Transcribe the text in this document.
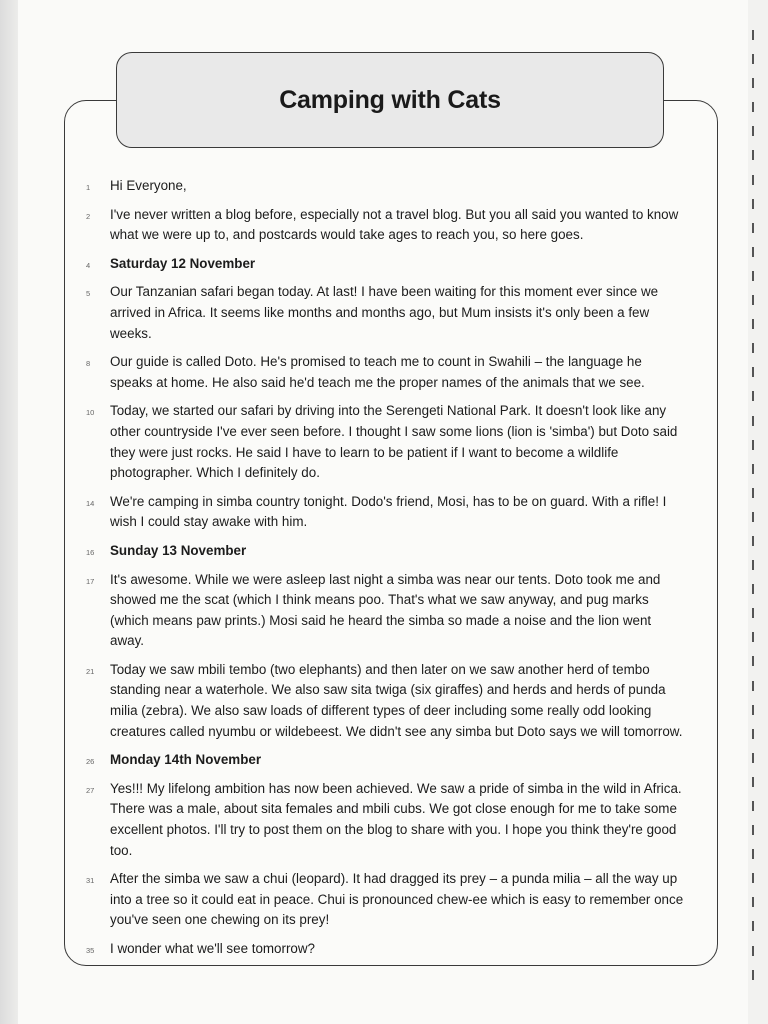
Camping with Cats
1 Hi Everyone,
2 I've never written a blog before, especially not a travel blog. But you all said you wanted to know what we were up to, and postcards would take ages to reach you, so here goes.
4 Saturday 12 November
5 Our Tanzanian safari began today. At last! I have been waiting for this moment ever since we arrived in Africa. It seems like months and months ago, but Mum insists it's only been a few weeks.
8 Our guide is called Doto. He's promised to teach me to count in Swahili – the language he speaks at home. He also said he'd teach me the proper names of the animals that we see.
10 Today, we started our safari by driving into the Serengeti National Park. It doesn't look like any other countryside I've ever seen before. I thought I saw some lions (lion is 'simba') but Doto said they were just rocks. He said I have to learn to be patient if I want to become a wildlife photographer. Which I definitely do.
14 We're camping in simba country tonight. Dodo's friend, Mosi, has to be on guard. With a rifle! I wish I could stay awake with him.
16 Sunday 13 November
17 It's awesome. While we were asleep last night a simba was near our tents. Doto took me and showed me the scat (which I think means poo. That's what we saw anyway, and pug marks (which means paw prints.) Mosi said he heard the simba so made a noise and the lion went away.
21 Today we saw mbili tembo (two elephants) and then later on we saw another herd of tembo standing near a waterhole. We also saw sita twiga (six giraffes) and herds and herds of punda milia (zebra). We also saw loads of different types of deer including some really odd looking creatures called nyumbu or wildebeest. We didn't see any simba but Doto says we will tomorrow.
26 Monday 14th November
27 Yes!!! My lifelong ambition has now been achieved. We saw a pride of simba in the wild in Africa. There was a male, about sita females and mbili cubs. We got close enough for me to take some excellent photos. I'll try to post them on the blog to share with you. I hope you think they're good too.
31 After the simba we saw a chui (leopard). It had dragged its prey – a punda milia – all the way up into a tree so it could eat in peace. Chui is pronounced chew-ee which is easy to remember once you've seen one chewing on its prey!
35 I wonder what we'll see tomorrow?
